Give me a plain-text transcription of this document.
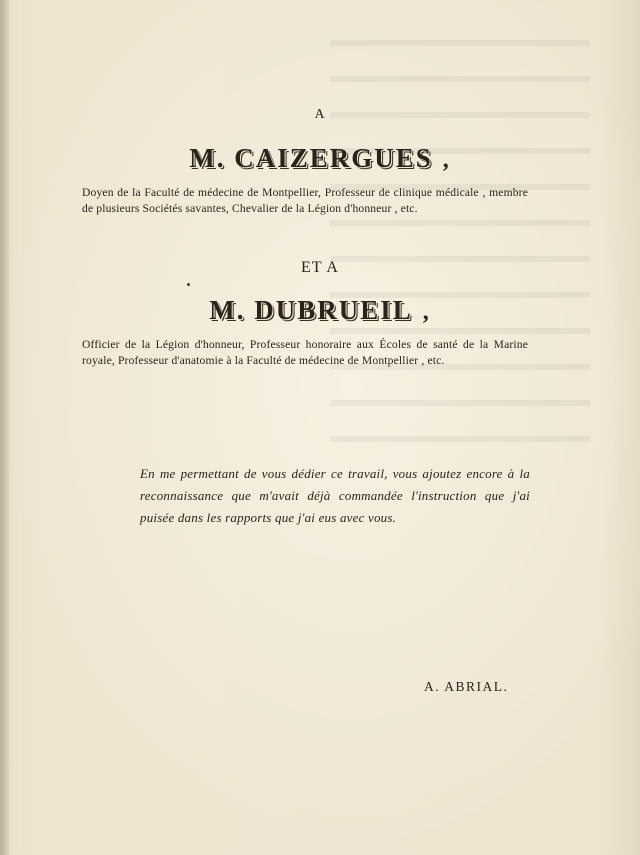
A
M. CAIZERGUES ,
Doyen de la Faculté de médecine de Montpellier, Professeur de clinique médicale , membre de plusieurs Sociétés savantes, Chevalier de la Légion d'honneur , etc.
ET A
M. DUBRUEIL ,
Officier de la Légion d'honneur, Professeur honoraire aux Écoles de santé de la Marine royale, Professeur d'anatomie à la Faculté de médecine de Montpellier , etc.
En me permettant de vous dédier ce travail, vous ajoutez encore à la reconnaissance que m'avait déjà commandée l'instruction que j'ai puisée dans les rapports que j'ai eus avec vous.
A. ABRIAL.
